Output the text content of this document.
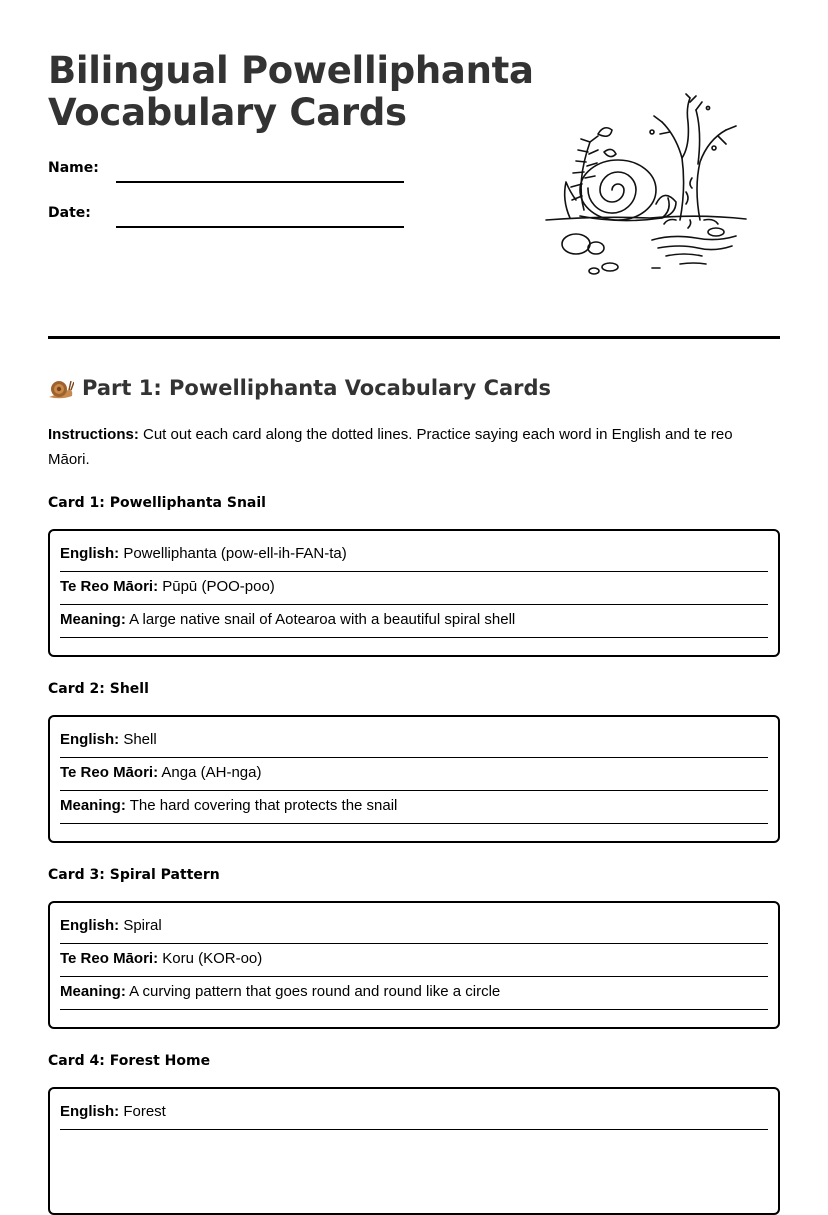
Bilingual Powelliphanta
Vocabulary Cards
Name:
Date:
Part 1: Powelliphanta Vocabulary Cards

Instructions: Cut out each card along the dotted lines. Practice saying each word in English and te reo Māori.

Card 1: Powelliphanta Snail
English: Powelliphanta (pow-ell-ih-FAN-ta)
Te Reo Māori: Pūpū (POO-poo)
Meaning: A large native snail of Aotearoa with a beautiful spiral shell
Card 2: Shell
English: Shell
Te Reo Māori: Anga (AH-nga)
Meaning: The hard covering that protects the snail
Card 3: Spiral Pattern
English: Spiral
Te Reo Māori: Koru (KOR-oo)
Meaning: A curving pattern that goes round and round like a circle
Card 4: Forest Home
English: Forest
